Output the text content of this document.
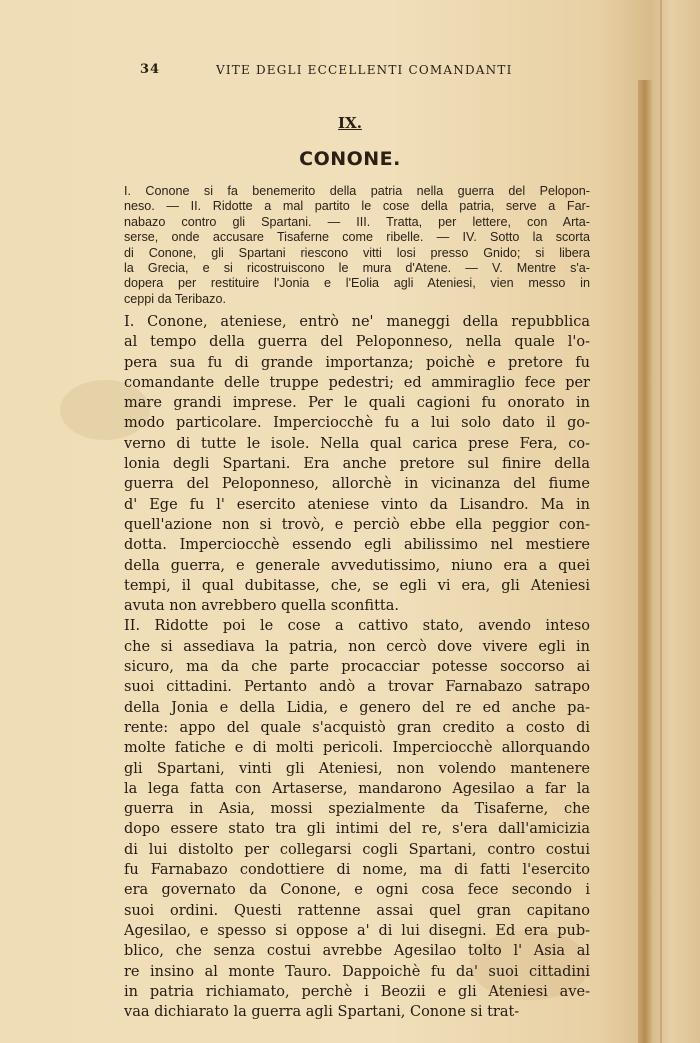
34	VITE DEGLI ECCELLENTI COMANDANTI
IX.
CONONE.
I. Conone si fa benemerito della patria nella guerra del Pelopon-
neso. — II. Ridotte a mal partito le cose della patria, serve a Far-
nabazo contro gli Spartani. — III. Tratta, per lettere, con Arta-
serse, onde accusare Tisaferne come ribelle. — IV. Sotto la scorta
di Conone, gli Spartani riescono vitti losi presso Gnido; si libera
la Grecia, e si ricostruiscono le mura d'Atene. — V. Mentre s'a-
dopera per restituire l'Jonia e l'Eolia agli Ateniesi, vien messo in
ceppi da Teribazo.
I. Conone, ateniese, entrò ne' maneggi della repubblica
al tempo della guerra del Peloponneso, nella quale l'o-
pera sua fu di grande importanza; poichè e pretore fu
comandante delle truppe pedestri; ed ammiraglio fece per
mare grandi imprese. Per le quali cagioni fu onorato in
modo particolare. Imperciocchè fu a lui solo dato il go-
verno di tutte le isole. Nella qual carica prese Fera, co-
lonia degli Spartani. Era anche pretore sul finire della
guerra del Peloponneso, allorchè in vicinanza del fiume
d' Ege fu l' esercito ateniese vinto da Lisandro. Ma in
quell'azione non si trovò, e perciò ebbe ella peggior con-
dotta. Imperciocchè essendo egli abilissimo nel mestiere
della guerra, e generale avvedutissimo, niuno era a quei
tempi, il qual dubitasse, che, se egli vi era, gli Ateniesi
avuta non avrebbero quella sconfitta.
II. Ridotte poi le cose a cattivo stato, avendo inteso
che si assediava la patria, non cercò dove vivere egli in
sicuro, ma da che parte procacciar potesse soccorso ai
suoi cittadini. Pertanto andò a trovar Farnabazo satrapo
della Jonia e della Lidia, e genero del re ed anche pa-
rente: appo del quale s'acquistò gran credito a costo di
molte fatiche e di molti pericoli. Imperciocchè allorquando
gli Spartani, vinti gli Ateniesi, non volendo mantenere
la lega fatta con Artaserse, mandarono Agesilao a far la
guerra in Asia, mossi spezialmente da Tisaferne, che
dopo essere stato tra gli intimi del re, s'era dall'amicizia
di lui distolto per collegarsi cogli Spartani, contro costui
fu Farnabazo condottiere di nome, ma di fatti l'esercito
era governato da Conone, e ogni cosa fece secondo i
suoi ordini. Questi rattenne assai quel gran capitano
Agesilao, e spesso si oppose a' di lui disegni. Ed era pub-
blico, che senza costui avrebbe Agesilao tolto l' Asia al
re insino al monte Tauro. Dappoichè fu da' suoi cittadini
in patria richiamato, perchè i Beozii e gli Ateniesi ave-
vaa dichiarato la guerra agli Spartani, Conone si trat-
